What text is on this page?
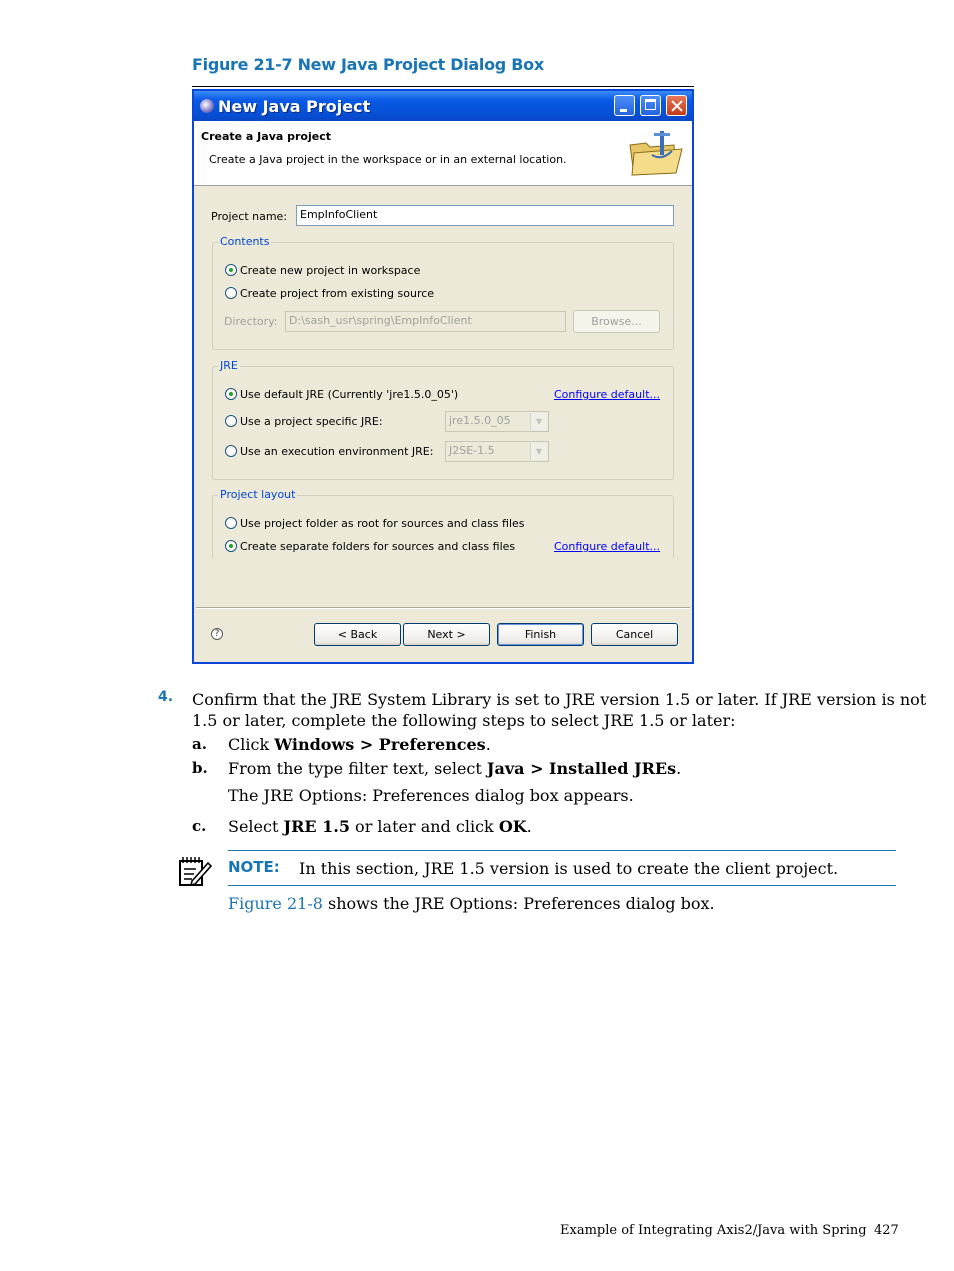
Figure 21-7 New Java Project Dialog Box
New Java Project
Create a Java project
Create a Java project in the workspace or in an external location.
Project name:	EmpInfoClient
Contents
Create new project in workspace
Create project from existing source
Directory:	D:\sash_usr\spring\EmpInfoClient	Browse...
JRE
Use default JRE (Currently 'jre1.5.0_05')	Configure default...
Use a project specific JRE:	jre1.5.0_05	▼
Use an execution environment JRE:	J2SE-1.5	▼
Project layout
Use project folder as root for sources and class files
Create separate folders for sources and class files	Configure default...
?	< Back	Next >	Finish	Cancel
4. Confirm that the JRE System Library is set to JRE version 1.5 or later. If JRE version is not
1.5 or later, complete the following steps to select JRE 1.5 or later:
a. Click Windows > Preferences.
b. From the type filter text, select Java > Installed JREs.
The JRE Options: Preferences dialog box appears.
c. Select JRE 1.5 or later and click OK.
NOTE: In this section, JRE 1.5 version is used to create the client project.
Figure 21-8 shows the JRE Options: Preferences dialog box.
Example of Integrating Axis2/Java with Spring 427
